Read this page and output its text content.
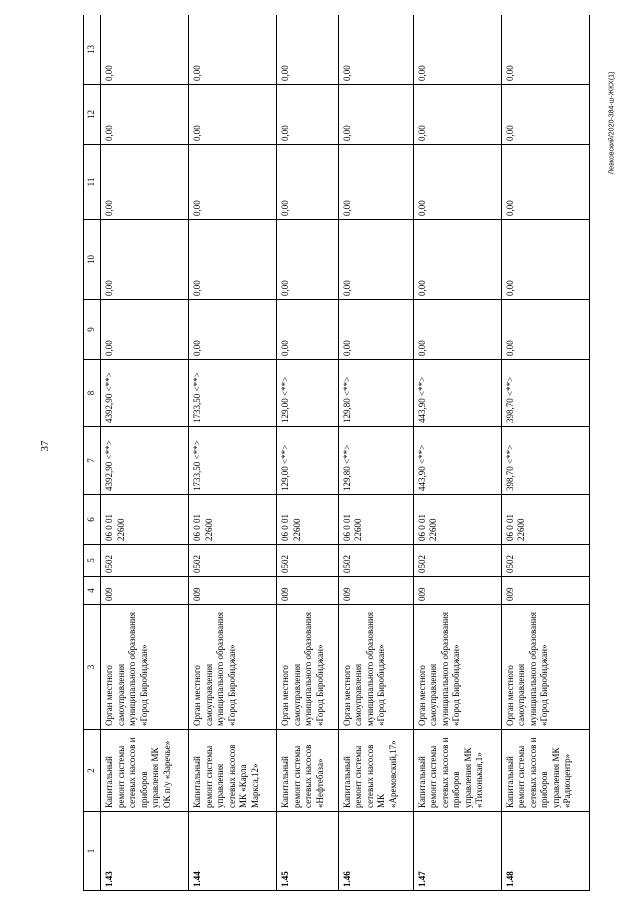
37
Левковский/2020-384-ш-ЖКХ(1)
1	2	3	4	5	6	7	8	9	10	11	12	13
1.43	Капитальный ремонт системы сетевых насосов и приборов управления МК ОК п/у «Заречье»	Орган местного самоуправления муниципального образования «Город Биробиджан»	009	0502	06 0 01 22600	4392,90 <**>	4392,90 <**>	0,00	0,00	0,00	0,00	0,00
1.44	Капитальный ремонт системы управления сетевых насосов МК «Карла Маркса,12»	Орган местного самоуправления муниципального образования «Город Биробиджан»	009	0502	06 0 01 22600	1733,50 <**>	1733,50 <**>	0,00	0,00	0,00	0,00	0,00
1.45	Капитальный ремонт системы сетевых насосов «Нефтебаза»	Орган местного самоуправления муниципального образования «Город Биробиджан»	009	0502	06 0 01 22600	129,00 <**>	129,00 <**>	0,00	0,00	0,00	0,00	0,00
1.46	Капитальный ремонт системы сетевых насосов МК «Аремовский,17»	Орган местного самоуправления муниципального образования «Город Биробиджан»	009	0502	06 0 01 22600	129,80 <**>	129,80 <**>	0,00	0,00	0,00	0,00	0,00
1.47	Капитальный ремонт системы сетевых насосов и приборов управления МК «Тихонькая,1»	Орган местного самоуправления муниципального образования «Город Биробиджан»	009	0502	06 0 01 22600	443,90 <**>	443,90 <**>	0,00	0,00	0,00	0,00	0,00
1.48	Капитальный ремонт системы сетевых насосов и приборов управления МК «Радиоцентр»	Орган местного самоуправления муниципального образования «Город Биробиджан»	009	0502	06 0 01 22600	398,70 <**>	398,70 <**>	0,00	0,00	0,00	0,00	0,00
